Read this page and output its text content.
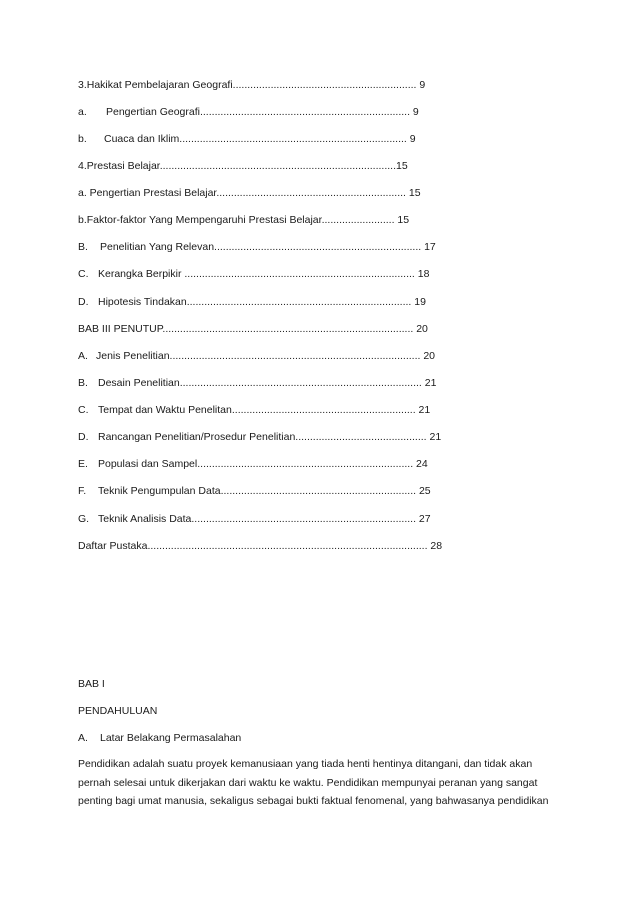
3.Hakikat Pembelajaran Geografi............................................................... 9
a. Pengertian Geografi........................................................................ 9
b. Cuaca dan Iklim.............................................................................. 9
4.Prestasi Belajar.................................................................................15
a. Pengertian Prestasi Belajar................................................................. 15
b.Faktor-faktor Yang Mempengaruhi Prestasi Belajar......................... 15
B. Penelitian Yang Relevan....................................................................... 17
C. Kerangka Berpikir ............................................................................... 18
D. Hipotesis Tindakan............................................................................. 19
BAB III PENUTUP...................................................................................... 20
A. Jenis Penelitian...................................................................................... 20
B. Desain Penelitian................................................................................... 21
C. Tempat dan Waktu Penelitan............................................................... 21
D. Rancangan Penelitian/Prosedur Penelitian............................................. 21
E. Populasi dan Sampel.......................................................................... 24
F. Teknik Pengumpulan Data................................................................... 25
G. Teknik Analisis Data............................................................................. 27
Daftar Pustaka................................................................................................ 28
BAB I
PENDAHULUAN
A. Latar Belakang Permasalahan
Pendidikan adalah suatu proyek kemanusiaan yang tiada henti hentinya ditangani, dan tidak akan
pernah selesai untuk dikerjakan dari waktu ke waktu. Pendidikan mempunyai peranan yang sangat
penting bagi umat manusia, sekaligus sebagai bukti faktual fenomenal, yang bahwasanya pendidikan
